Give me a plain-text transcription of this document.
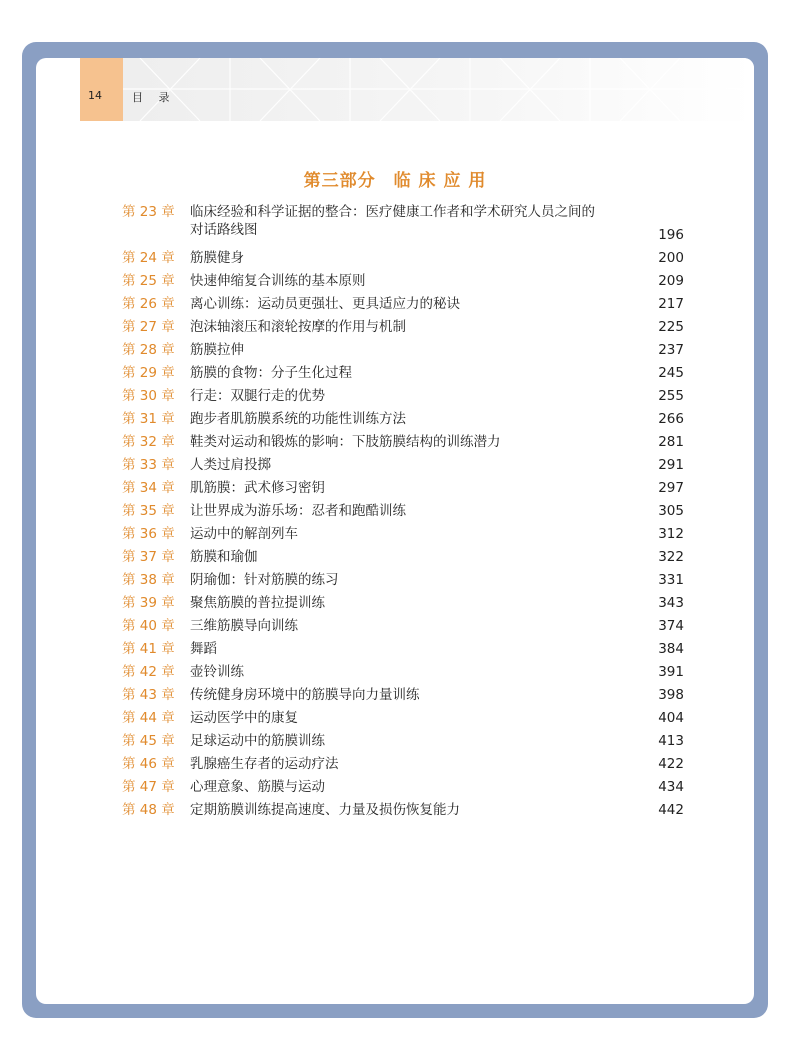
14	目 录
第三部分　临 床 应 用
第 23 章	临床经验和科学证据的整合：医疗健康工作者和学术研究人员之间的
对话路线图	196
第 24 章	筋膜健身	200
第 25 章	快速伸缩复合训练的基本原则	209
第 26 章	离心训练：运动员更强壮、更具适应力的秘诀	217
第 27 章	泡沫轴滚压和滚轮按摩的作用与机制	225
第 28 章	筋膜拉伸	237
第 29 章	筋膜的食物：分子生化过程	245
第 30 章	行走：双腿行走的优势	255
第 31 章	跑步者肌筋膜系统的功能性训练方法	266
第 32 章	鞋类对运动和锻炼的影响：下肢筋膜结构的训练潜力	281
第 33 章	人类过肩投掷	291
第 34 章	肌筋膜：武术修习密钥	297
第 35 章	让世界成为游乐场：忍者和跑酷训练	305
第 36 章	运动中的解剖列车	312
第 37 章	筋膜和瑜伽	322
第 38 章	阴瑜伽：针对筋膜的练习	331
第 39 章	聚焦筋膜的普拉提训练	343
第 40 章	三维筋膜导向训练	374
第 41 章	舞蹈	384
第 42 章	壶铃训练	391
第 43 章	传统健身房环境中的筋膜导向力量训练	398
第 44 章	运动医学中的康复	404
第 45 章	足球运动中的筋膜训练	413
第 46 章	乳腺癌生存者的运动疗法	422
第 47 章	心理意象、筋膜与运动	434
第 48 章	定期筋膜训练提高速度、力量及损伤恢复能力	442
